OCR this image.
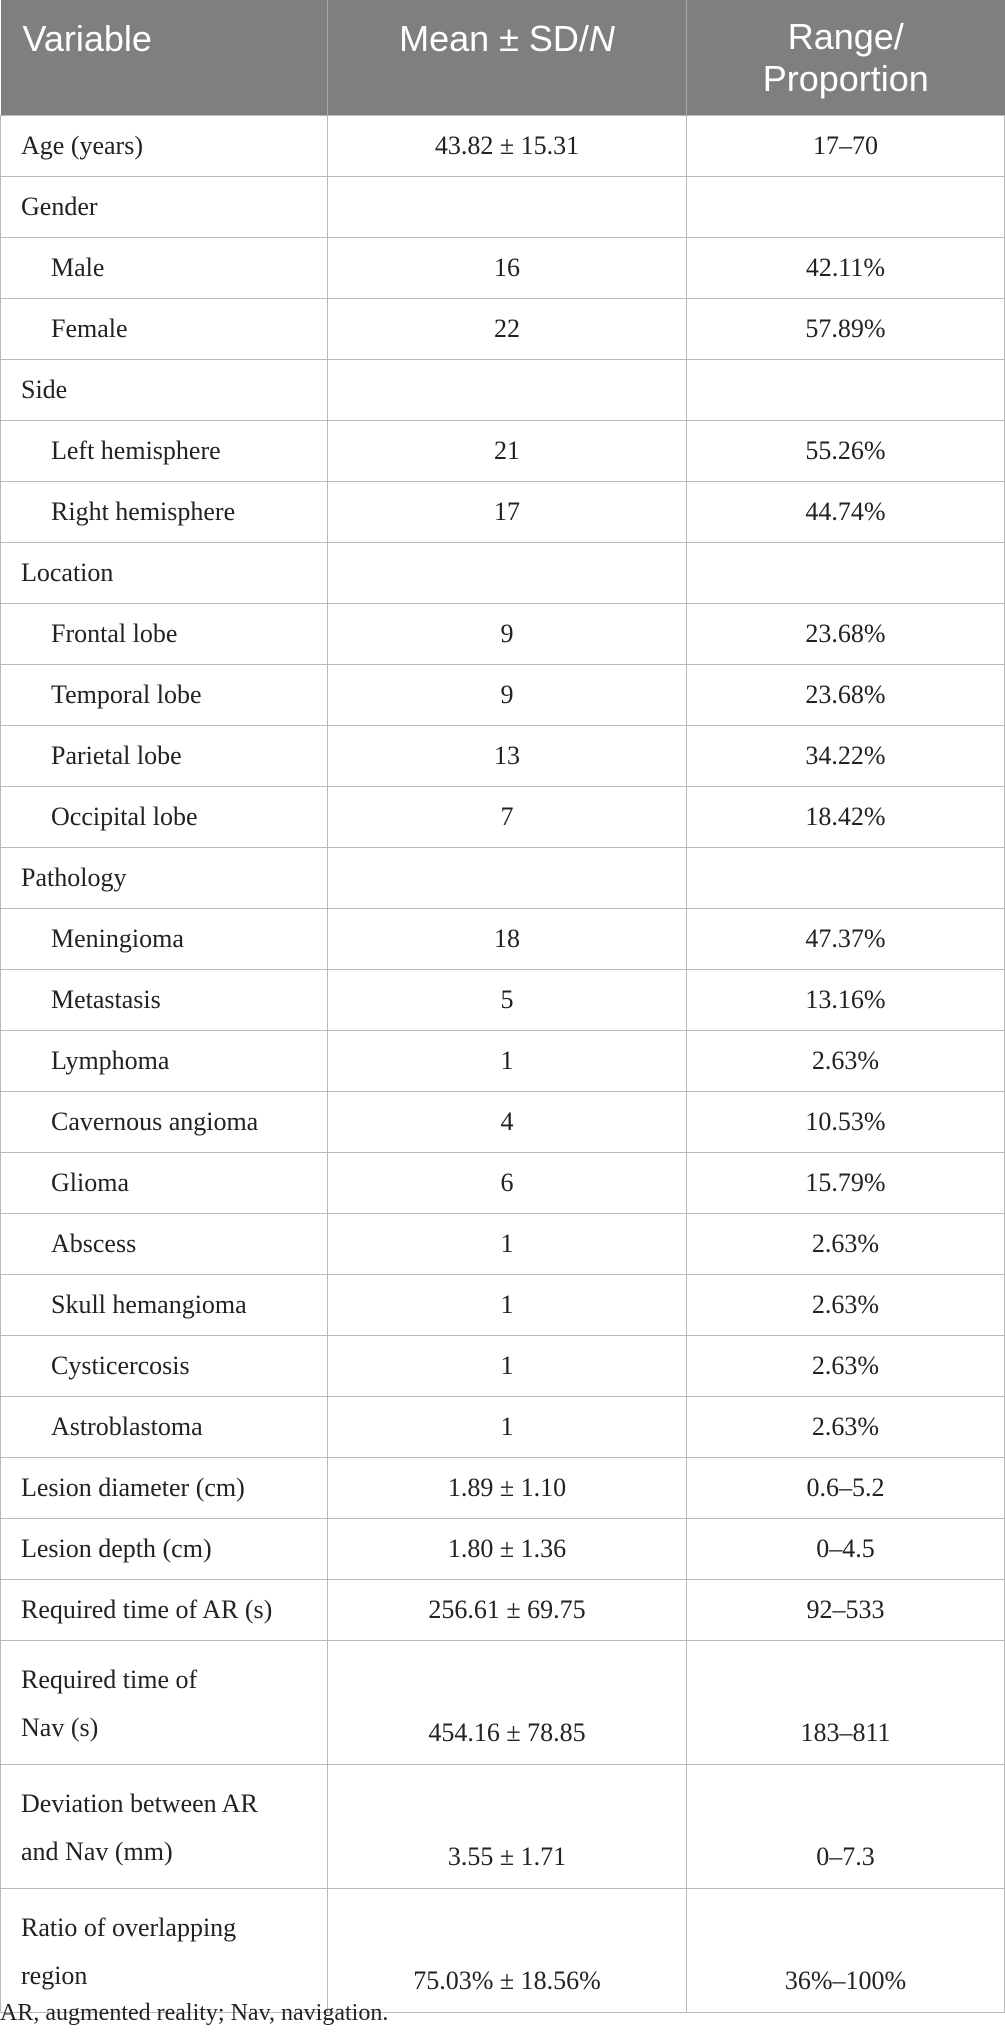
Variable	Mean ± SD/N	Range/
Proportion
Age (years)	43.82 ± 15.31	17–70
Gender		
Male	16	42.11%
Female	22	57.89%
Side		
Left hemisphere	21	55.26%
Right hemisphere	17	44.74%
Location		
Frontal lobe	9	23.68%
Temporal lobe	9	23.68%
Parietal lobe	13	34.22%
Occipital lobe	7	18.42%
Pathology		
Meningioma	18	47.37%
Metastasis	5	13.16%
Lymphoma	1	2.63%
Cavernous angioma	4	10.53%
Glioma	6	15.79%
Abscess	1	2.63%
Skull hemangioma	1	2.63%
Cysticercosis	1	2.63%
Astroblastoma	1	2.63%
Lesion diameter (cm)	1.89 ± 1.10	0.6–5.2
Lesion depth (cm)	1.80 ± 1.36	0–4.5
Required time of AR (s)	256.61 ± 69.75	92–533
Required time of
Nav (s)	454.16 ± 78.85	183–811
Deviation between AR
and Nav (mm)	3.55 ± 1.71	0–7.3
Ratio of overlapping
region	75.03% ± 18.56%	36%–100%
AR, augmented reality; Nav, navigation.
